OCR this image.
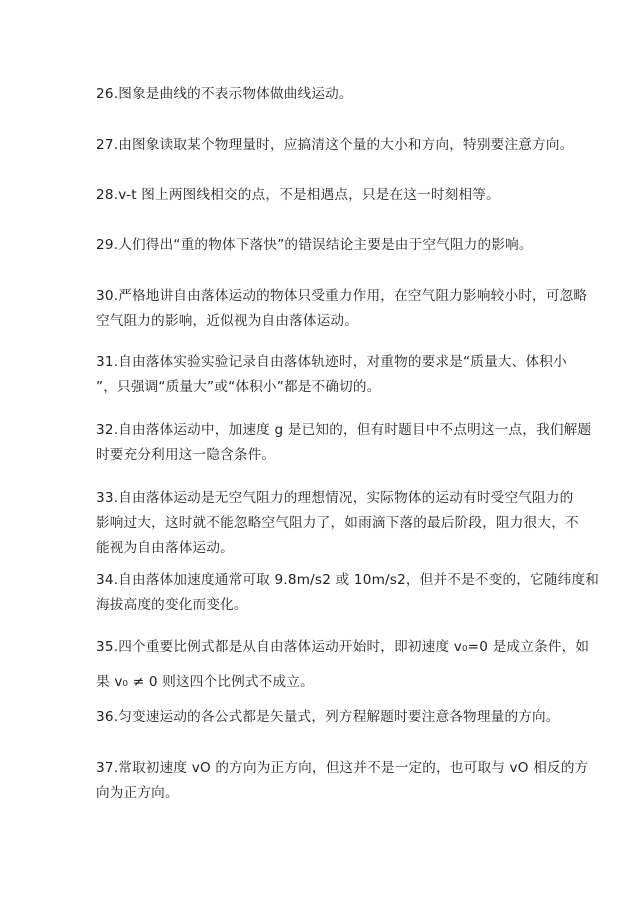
26.图象是曲线的不表示物体做曲线运动。

27.由图象读取某个物理量时，应搞清这个量的大小和方向，特别要注意方向。

28.v-t 图上两图线相交的点，不是相遇点，只是在这一时刻相等。

29.人们得出“重的物体下落快”的错误结论主要是由于空气阻力的影响。

30.严格地讲自由落体运动的物体只受重力作用，在空气阻力影响较小时，可忽略
空气阻力的影响，近似视为自由落体运动。

31.自由落体实验实验记录自由落体轨迹时，对重物的要求是“质量大、体积小
”，只强调“质量大”或“体积小”都是不确切的。

32.自由落体运动中，加速度 g 是已知的，但有时题目中不点明这一点，我们解题
时要充分利用这一隐含条件。

33.自由落体运动是无空气阻力的理想情况，实际物体的运动有时受空气阻力的
影响过大，这时就不能忽略空气阻力了，如雨滴下落的最后阶段，阻力很大，不
能视为自由落体运动。

34.自由落体加速度通常可取 9.8m/s2 或 10m/s2，但并不是不变的，它随纬度和
海拔高度的变化而变化。

35.四个重要比例式都是从自由落体运动开始时，即初速度 v₀=0 是成立条件，如

果 v₀ ≠ 0 则这四个比例式不成立。

36.匀变速运动的各公式都是矢量式，列方程解题时要注意各物理量的方向。

37.常取初速度 vO 的方向为正方向，但这并不是一定的，也可取与 vO 相反的方
向为正方向。
